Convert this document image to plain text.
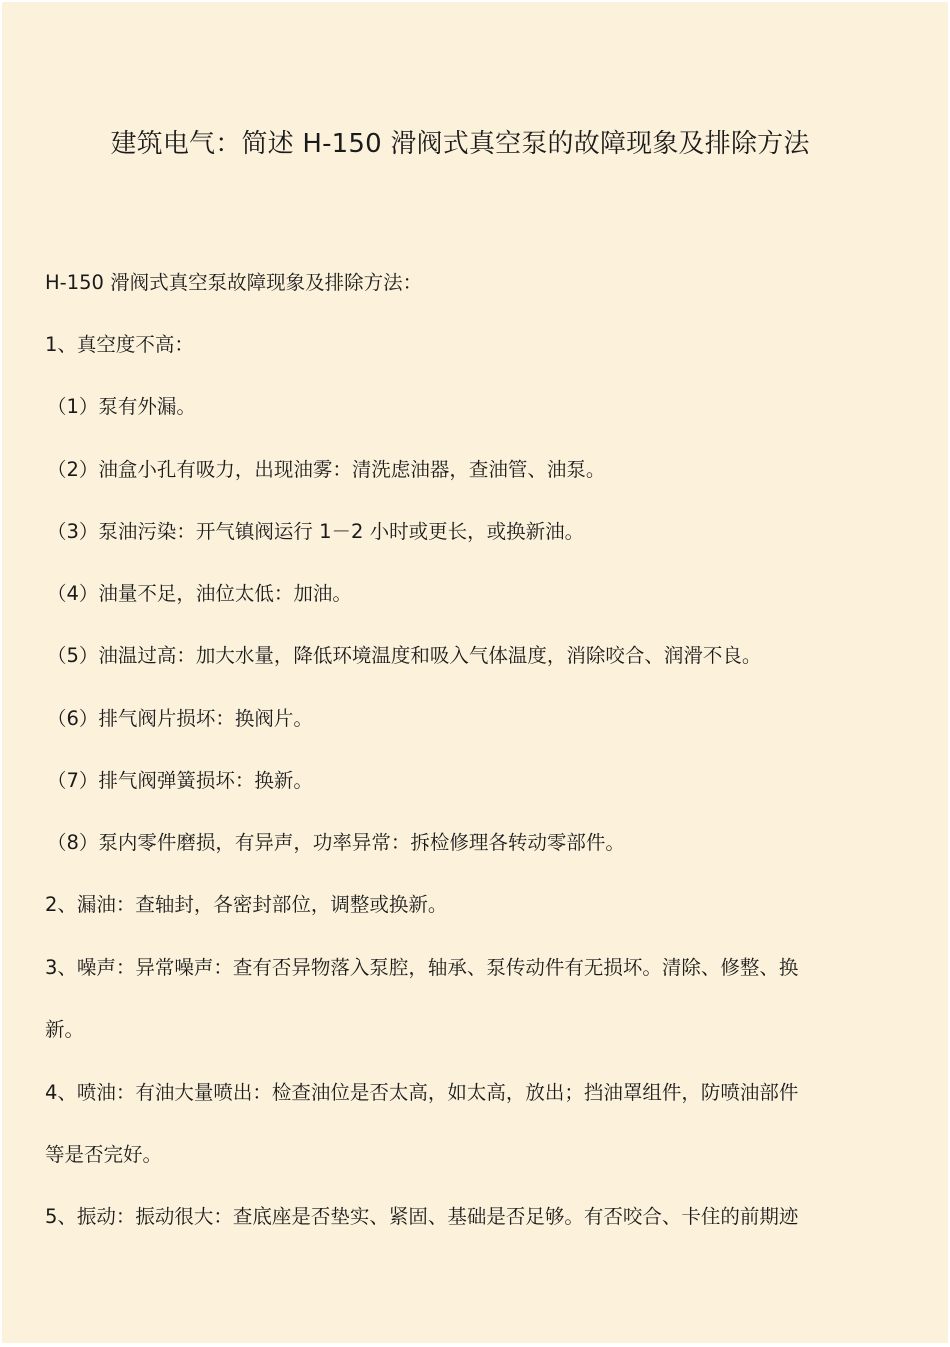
建筑电气：简述 H-150 滑阀式真空泵的故障现象及排除方法

H-150 滑阀式真空泵故障现象及排除方法：

1、真空度不高：

（1）泵有外漏。

（2）油盒小孔有吸力，出现油雾：清洗虑油器，查油管、油泵。

（3）泵油污染：开气镇阀运行 1－2 小时或更长，或换新油。

（4）油量不足，油位太低：加油。

（5）油温过高：加大水量，降低环境温度和吸入气体温度，消除咬合、润滑不良。

（6）排气阀片损坏：换阀片。

（7）排气阀弹簧损坏：换新。

（8）泵内零件磨损，有异声，功率异常：拆检修理各转动零部件。

2、漏油：查轴封，各密封部位，调整或换新。

3、噪声：异常噪声：查有否异物落入泵腔，轴承、泵传动件有无损坏。清除、修整、换

新。

4、喷油：有油大量喷出：检查油位是否太高，如太高，放出；挡油罩组件，防喷油部件

等是否完好。

5、振动：振动很大：查底座是否垫实、紧固、基础是否足够。有否咬合、卡住的前期迹
